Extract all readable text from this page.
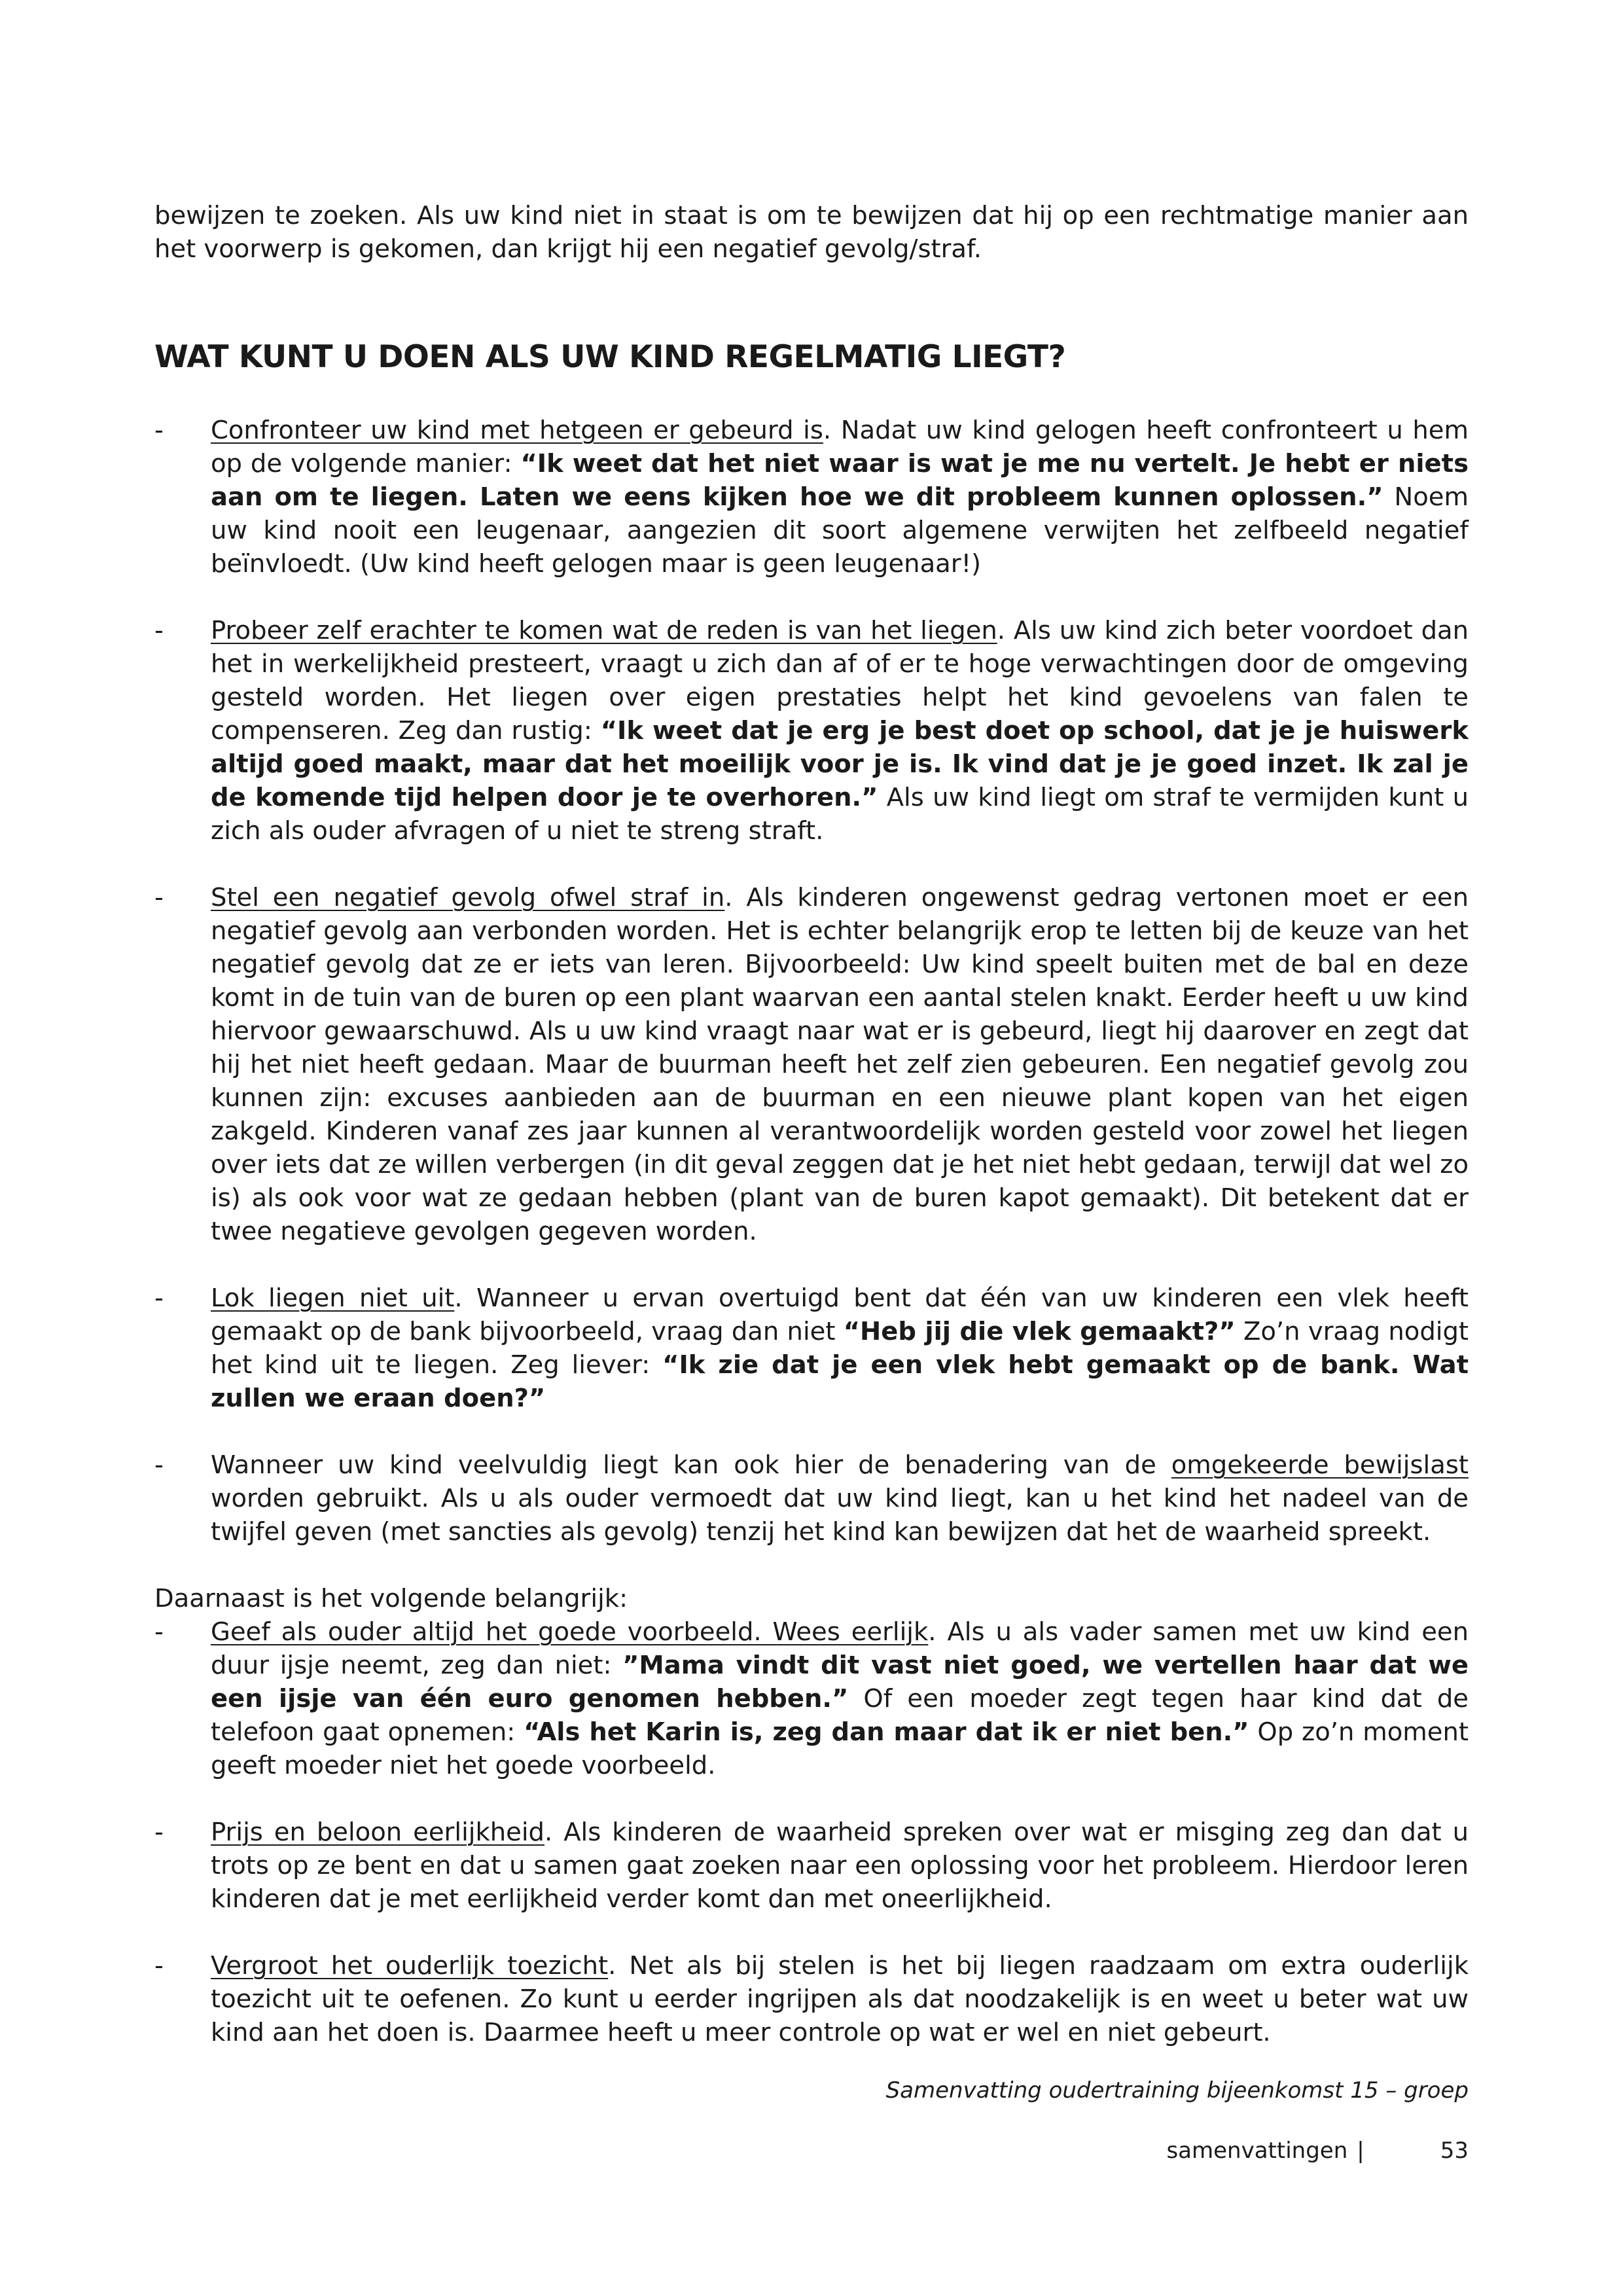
bewijzen te zoeken. Als uw kind niet in staat is om te bewijzen dat hij op een rechtmatige manier aan het voorwerp is gekomen, dan krijgt hij een negatief gevolg/straf.

WAT KUNT U DOEN ALS UW KIND REGELMATIG LIEGT?
-	Confronteer uw kind met hetgeen er gebeurd is. Nadat uw kind gelogen heeft confronteert u hem op de volgende manier: “Ik weet dat het niet waar is wat je me nu vertelt. Je hebt er niets aan om te liegen. Laten we eens kijken hoe we dit probleem kunnen oplossen.” Noem uw kind nooit een leugenaar, aangezien dit soort algemene verwijten het zelfbeeld negatief beïnvloedt. (Uw kind heeft gelogen maar is geen leugenaar!)
-	Probeer zelf erachter te komen wat de reden is van het liegen. Als uw kind zich beter voordoet dan het in werkelijkheid presteert, vraagt u zich dan af of er te hoge verwachtingen door de omgeving gesteld worden. Het liegen over eigen prestaties helpt het kind gevoelens van falen te compenseren. Zeg dan rustig: “Ik weet dat je erg je best doet op school, dat je je huiswerk altijd goed maakt, maar dat het moeilijk voor je is. Ik vind dat je je goed inzet. Ik zal je de komende tijd helpen door je te overhoren.” Als uw kind liegt om straf te vermijden kunt u zich als ouder afvragen of u niet te streng straft.
-	Stel een negatief gevolg ofwel straf in. Als kinderen ongewenst gedrag vertonen moet er een negatief gevolg aan verbonden worden. Het is echter belangrijk erop te letten bij de keuze van het negatief gevolg dat ze er iets van leren. Bijvoorbeeld: Uw kind speelt buiten met de bal en deze komt in de tuin van de buren op een plant waarvan een aantal stelen knakt. Eerder heeft u uw kind hiervoor gewaarschuwd. Als u uw kind vraagt naar wat er is gebeurd, liegt hij daarover en zegt dat hij het niet heeft gedaan. Maar de buurman heeft het zelf zien gebeuren. Een negatief gevolg zou kunnen zijn: excuses aanbieden aan de buurman en een nieuwe plant kopen van het eigen zakgeld. Kinderen vanaf zes jaar kunnen al verantwoordelijk worden gesteld voor zowel het liegen over iets dat ze willen verbergen (in dit geval zeggen dat je het niet hebt gedaan, terwijl dat wel zo is) als ook voor wat ze gedaan hebben (plant van de buren kapot gemaakt). Dit betekent dat er twee negatieve gevolgen gegeven worden.
-	Lok liegen niet uit. Wanneer u ervan overtuigd bent dat één van uw kinderen een vlek heeft gemaakt op de bank bijvoorbeeld, vraag dan niet “Heb jij die vlek gemaakt?” Zo’n vraag nodigt het kind uit te liegen. Zeg liever: “Ik zie dat je een vlek hebt gemaakt op de bank. Wat zullen we eraan doen?”
-	Wanneer uw kind veelvuldig liegt kan ook hier de benadering van de omgekeerde bewijslast worden gebruikt. Als u als ouder vermoedt dat uw kind liegt, kan u het kind het nadeel van de twijfel geven (met sancties als gevolg) tenzij het kind kan bewijzen dat het de waarheid spreekt.

Daarnaast is het volgende belangrijk:

-	Geef als ouder altijd het goede voorbeeld. Wees eerlijk. Als u als vader samen met uw kind een duur ijsje neemt, zeg dan niet: ”Mama vindt dit vast niet goed, we vertellen haar dat we een ijsje van één euro genomen hebben.” Of een moeder zegt tegen haar kind dat de telefoon gaat opnemen: “Als het Karin is, zeg dan maar dat ik er niet ben.” Op zo’n moment geeft moeder niet het goede voorbeeld.
-	Prijs en beloon eerlijkheid. Als kinderen de waarheid spreken over wat er misging zeg dan dat u trots op ze bent en dat u samen gaat zoeken naar een oplossing voor het probleem. Hierdoor leren kinderen dat je met eerlijkheid verder komt dan met oneerlijkheid.
-	Vergroot het ouderlijk toezicht. Net als bij stelen is het bij liegen raadzaam om extra ouderlijk toezicht uit te oefenen. Zo kunt u eerder ingrijpen als dat noodzakelijk is en weet u beter wat uw kind aan het doen is. Daarmee heeft u meer controle op wat er wel en niet gebeurt.
Samenvatting oudertraining bijeenkomst 15 – groep
samenvattingen |	53
